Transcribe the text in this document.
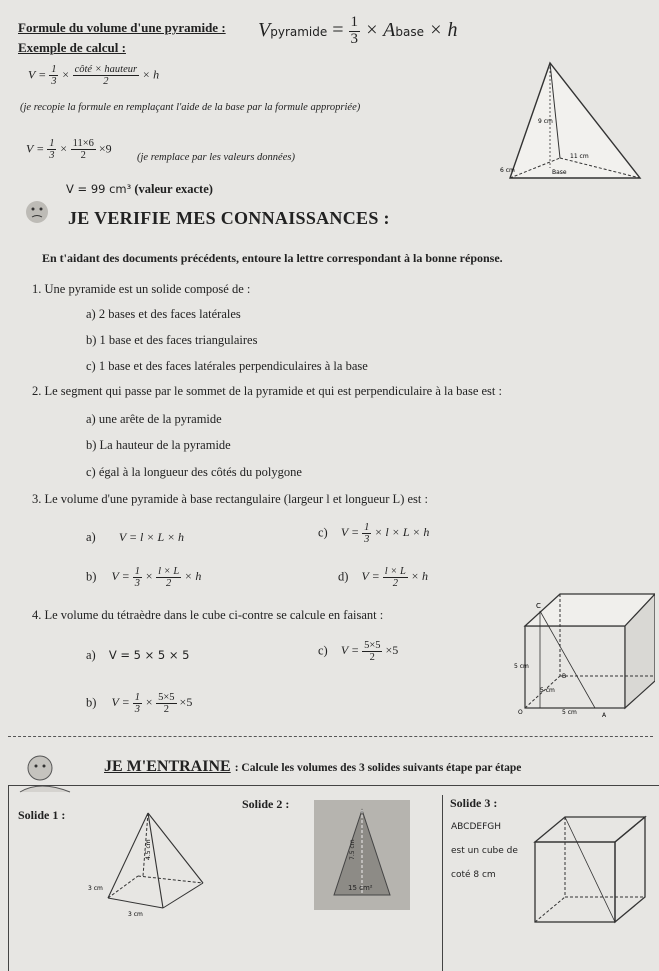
Formule du volume d'une pyramide : Vpyramide = $\frac{1}{3}$ × Abase × h
Exemple de calcul :
$V = \frac{1}{3} \times \frac{\text{côté × hauteur}}{2} \times h$
(je recopie la formule en remplaçant l'aide de la base par la formule appropriée)
$V = \frac{1}{3} \times \frac{11\times 6}{2} \times 9$
(je remplace par les valeurs données)
V = 99 cm³ (valeur exacte)
9 cm
11 cm
6 cm	Base
JE VERIFIE MES CONNAISSANCES :
En t'aidant des documents précédents, entoure la lettre correspondant à la bonne réponse.
1. Une pyramide est un solide composé de :
a) 2 bases et des faces latérales
b) 1 base et des faces triangulaires
c) 1 base et des faces latérales perpendiculaires à la base
2. Le segment qui passe par le sommet de la pyramide et qui est perpendiculaire à la base est :
a) une arête de la pyramide
b) La hauteur de la pyramide
c) égal à la longueur des côtés du polygone
3. Le volume d'une pyramide à base rectangulaire (largeur l et longueur L) est :
a) V = l × L × h	c) $V = \frac{1}{3} \times l \times L \times h$
b) $V = \frac{1}{3} \times \frac{l \times L}{2} \times h$	d) $V = \frac{l \times L}{2} \times h$
4. Le volume du tétraèdre dans le cube ci-contre se calcule en faisant :
a) V = 5 × 5 × 5	c) $V = \frac{5\times 5}{2} \times 5$
b) $V = \frac{1}{3} \times \frac{5\times 5}{2} \times 5$
C
5 cm
B
5 cm
O	5 cm	A
JE M'ENTRAINE : Calcule les volumes des 3 solides suivants étape par étape
Solide 1 :
3 cm
3 cm
4.5 cm
Solide 2 :
7.5 cm
15 cm²
Solide 3 :
ABCDEFGH
est un cube de
coté 8 cm
